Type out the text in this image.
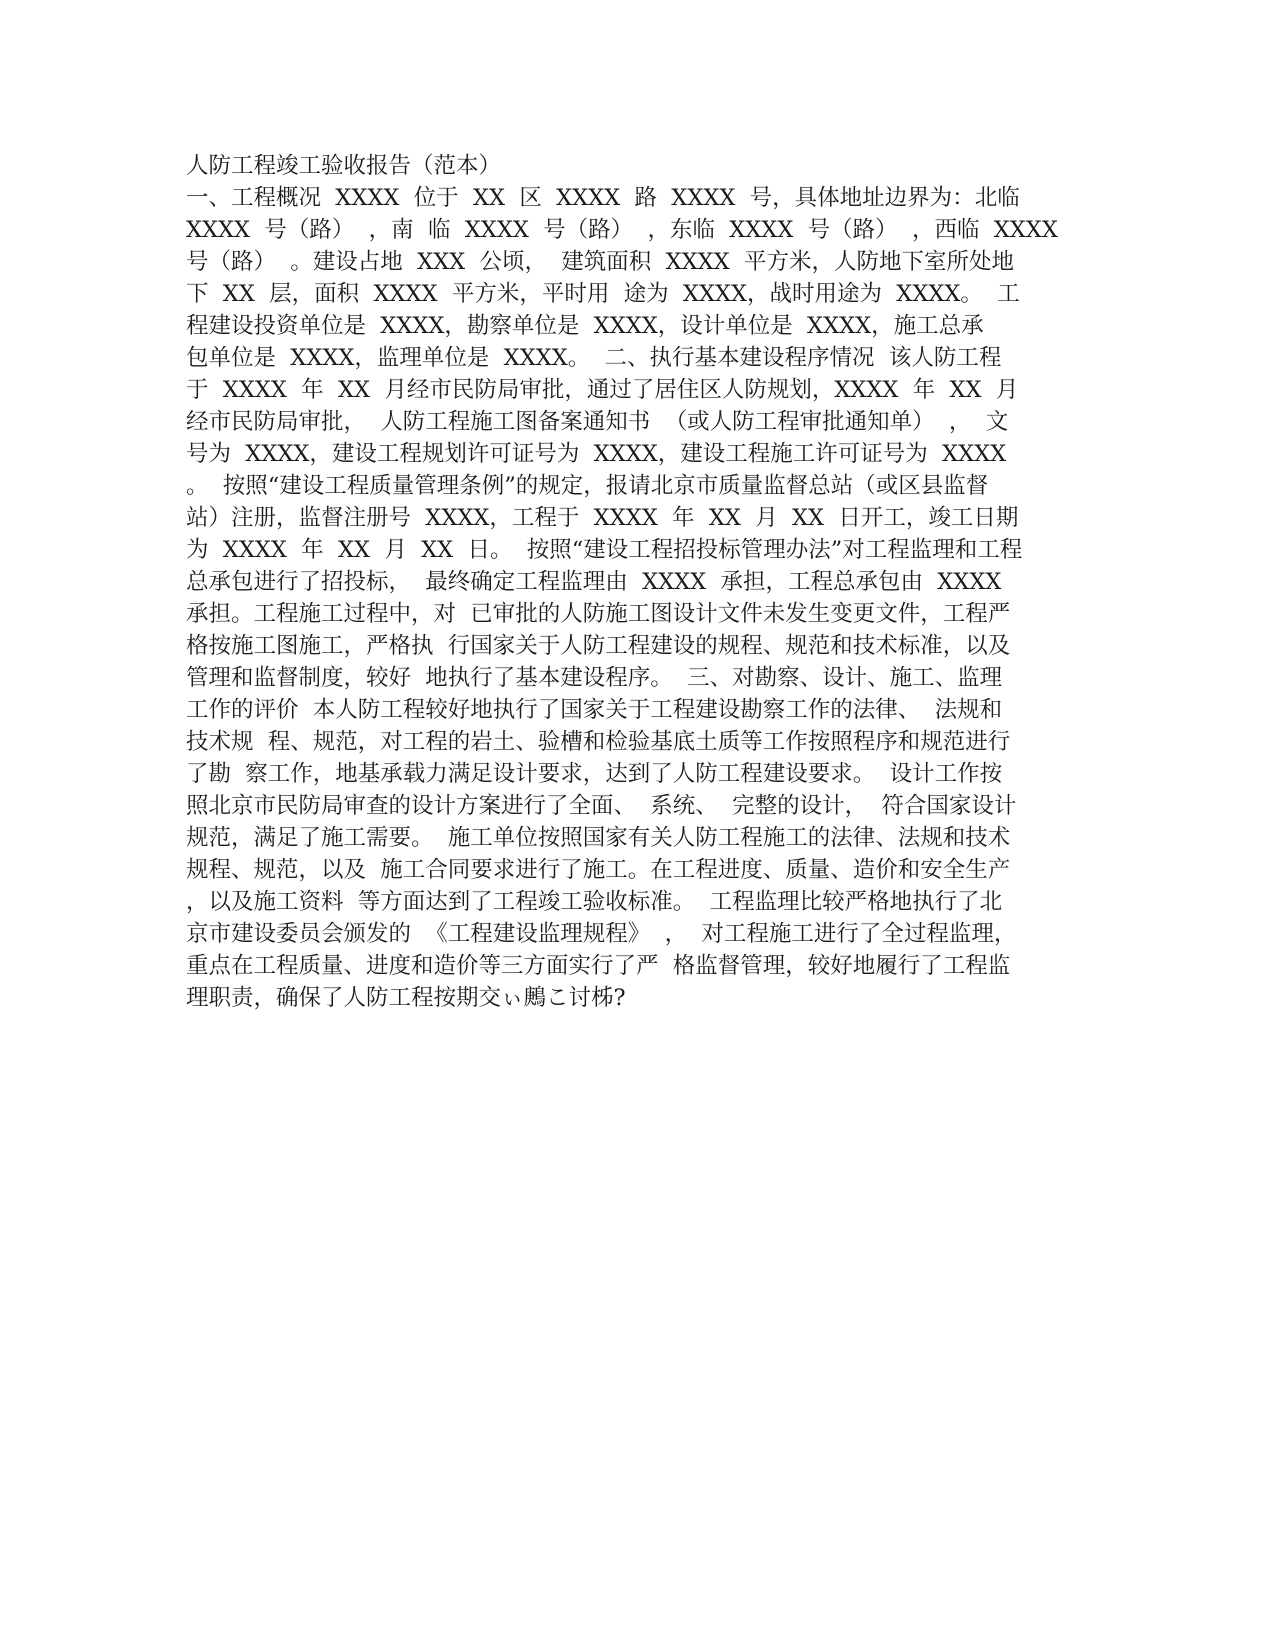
人防工程竣工验收报告（范本）
一、工程概况  XXXX  位于  XX  区  XXXX  路  XXXX  号，具体地址边界为：北临
XXXX  号（路）  ，南  临  XXXX  号（路）  ，东临  XXXX  号（路）  ，西临  XXXX
号（路）  。建设占地  XXX  公顷，  建筑面积  XXXX  平方米，人防地下室所处地
下  XX  层，面积  XXXX  平方米，平时用  途为  XXXX，战时用途为  XXXX。  工
程建设投资单位是  XXXX，勘察单位是  XXXX，设计单位是  XXXX，施工总承
包单位是  XXXX，监理单位是  XXXX。  二、执行基本建设程序情况  该人防工程
于  XXXX  年  XX  月经市民防局审批，通过了居住区人防规划，XXXX  年  XX  月
经市民防局审批，  人防工程施工图备案通知书  （或人防工程审批通知单）  ，  文
号为  XXXX，建设工程规划许可证号为  XXXX，建设工程施工许可证号为  XXXX
。  按照“建设工程质量管理条例”的规定，报请北京市质量监督总站（或区县监督
站）注册，监督注册号  XXXX，工程于  XXXX  年  XX  月  XX  日开工，竣工日期
为  XXXX  年  XX  月  XX  日。  按照“建设工程招投标管理办法”对工程监理和工程
总承包进行了招投标，  最终确定工程监理由  XXXX  承担，工程总承包由  XXXX
承担。工程施工过程中，对  已审批的人防施工图设计文件未发生变更文件，工程严
格按施工图施工，严格执  行国家关于人防工程建设的规程、规范和技术标准，以及
管理和监督制度，较好  地执行了基本建设程序。  三、对勘察、设计、施工、监理
工作的评价  本人防工程较好地执行了国家关于工程建设勘察工作的法律、  法规和
技术规  程、规范，对工程的岩土、验槽和检验基底土质等工作按照程序和规范进行
了勘  察工作，地基承载力满足设计要求，达到了人防工程建设要求。  设计工作按
照北京市民防局审查的设计方案进行了全面、  系统、  完整的设计，  符合国家设计
规范，满足了施工需要。  施工单位按照国家有关人防工程施工的法律、法规和技术
规程、规范，以及  施工合同要求进行了施工。在工程进度、质量、造价和安全生产
，以及施工资料  等方面达到了工程竣工验收标准。  工程监理比较严格地执行了北
京市建设委员会颁发的  《工程建设监理规程》  ，  对工程施工进行了全过程监理，
重点在工程质量、进度和造价等三方面实行了严  格监督管理，较好地履行了工程监
理职责，确保了人防工程按期交ぃ鶊こ讨柹?
